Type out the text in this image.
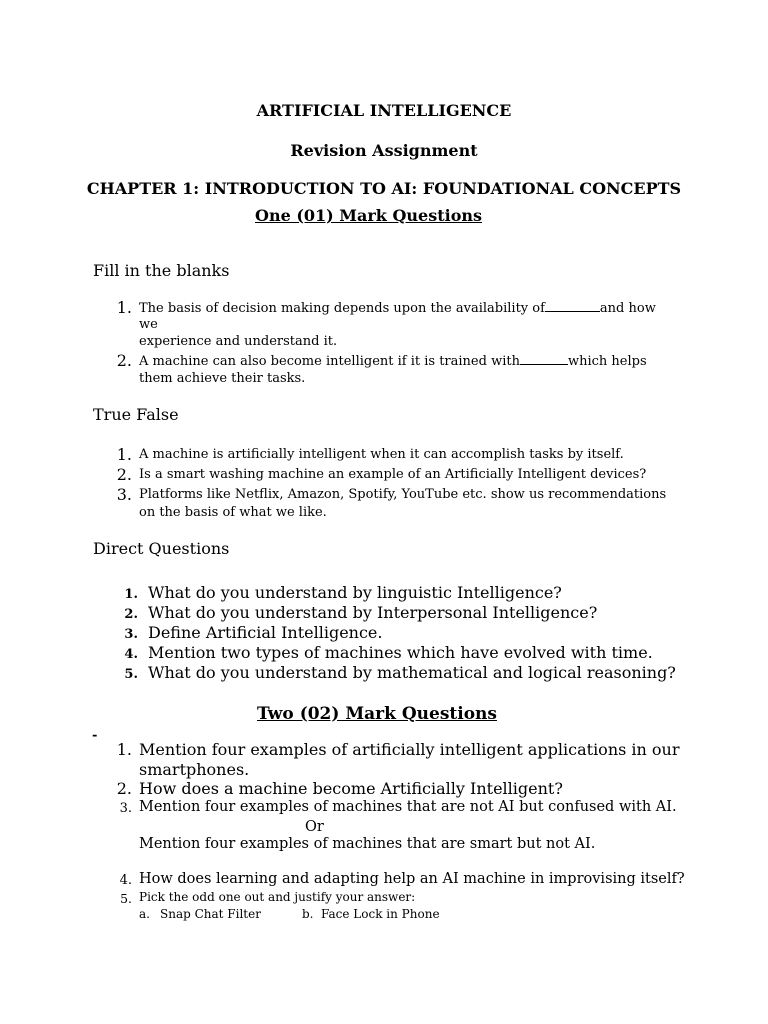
ARTIFICIAL INTELLIGENCE
Revision Assignment
CHAPTER 1: INTRODUCTION TO AI: FOUNDATIONAL CONCEPTS
One (01) Mark Questions
Fill in the blanks
1. The basis of decision making depends upon the availability of	and how
we
experience and understand it.
2. A machine can also become intelligent if it is trained with	which helps
them achieve their tasks.
True False
1. A machine is artificially intelligent when it can accomplish tasks by itself.
2. Is a smart washing machine an example of an Artificially Intelligent devices?
3. Platforms like Netflix, Amazon, Spotify, YouTube etc. show us recommendations
on the basis of what we like.
Direct Questions
1. What do you understand by linguistic Intelligence?
2. What do you understand by Interpersonal Intelligence?
3. Define Artificial Intelligence.
4. Mention two types of machines which have evolved with time.
5. What do you understand by mathematical and logical reasoning?
Two (02) Mark Questions
-
1. Mention four examples of artificially intelligent applications in our
smartphones.
2. How does a machine become Artificially Intelligent?
3. Mention four examples of machines that are not AI but confused with AI.
Or
Mention four examples of machines that are smart but not AI.
4. How does learning and adapting help an AI machine in improvising itself?
5. Pick the odd one out and justify your answer:
a. Snap Chat Filter	b. Face Lock in Phone
